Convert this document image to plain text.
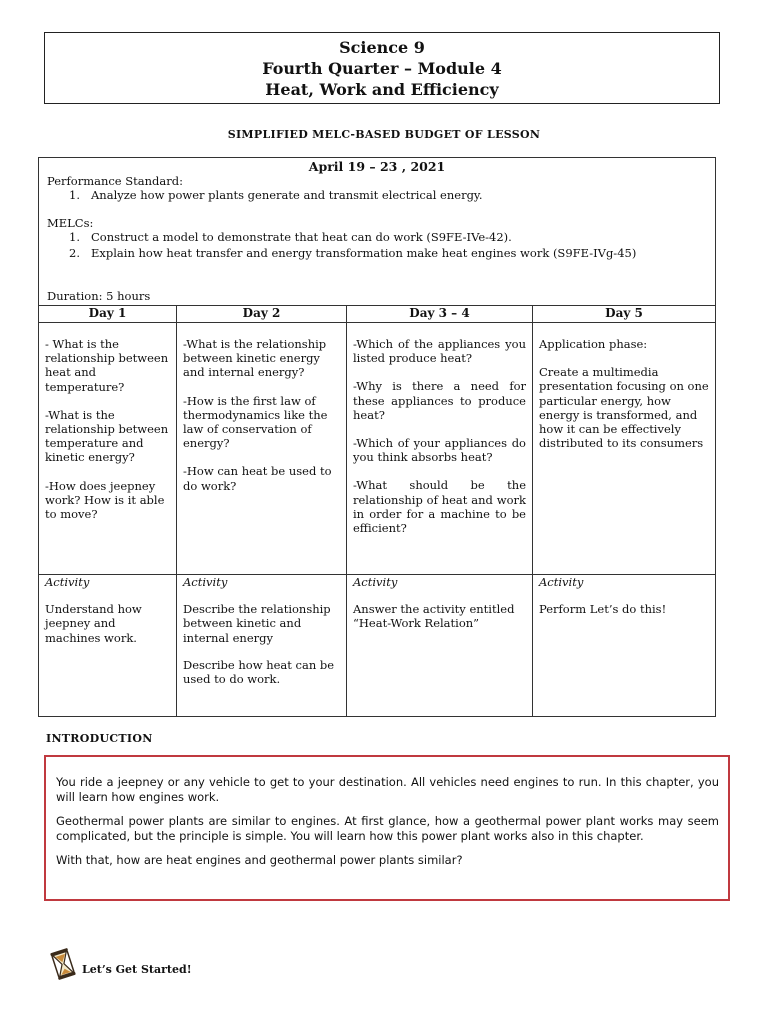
Science 9
Fourth Quarter – Module 4
Heat, Work and Efficiency
SIMPLIFIED MELC-BASED BUDGET OF LESSON
April 19 – 23 , 2021
Performance Standard:
1. Analyze how power plants generate and transmit electrical energy.
MELCs:
1. Construct a model to demonstrate that heat can do work (S9FE-IVe-42).
2. Explain how heat transfer and energy transformation make heat engines work (S9FE-IVg-45)
Duration: 5 hours
Day 1

- What is the relationship between heat and temperature?

-What is the relationship between temperature and kinetic energy?

-How does jeepney work? How is it able to move?

Activity

Understand how jeepney and machines work.

Day 2

-What is the relationship between kinetic energy and internal energy?

-How is the first law of thermodynamics like the law of conservation of energy?

-How can heat be used to do work?

Activity

Describe the relationship between kinetic and internal energy

Describe how heat can be used to do work.

Day 3 – 4

-Which of the appliances you listed produce heat?

-Why is there a need for these appliances to produce heat?

-Which of your appliances do you think absorbs heat?

-What should be the relationship of heat and work in order for a machine to be efficient?

Activity

Answer the activity entitled “Heat-Work Relation”

Day 5

Application phase:

Create a multimedia presentation focusing on one particular energy, how energy is transformed, and how it can be effectively distributed to its consumers

Activity

Perform Let’s do this!

INTRODUCTION

You ride a jeepney or any vehicle to get to your destination. All vehicles need engines to run. In this chapter, you will learn how engines work.

Geothermal power plants are similar to engines. At first glance, how a geothermal power plant works may seem complicated, but the principle is simple. You will learn how this power plant works also in this chapter.

With that, how are heat engines and geothermal power plants similar?

Let’s Get Started!
